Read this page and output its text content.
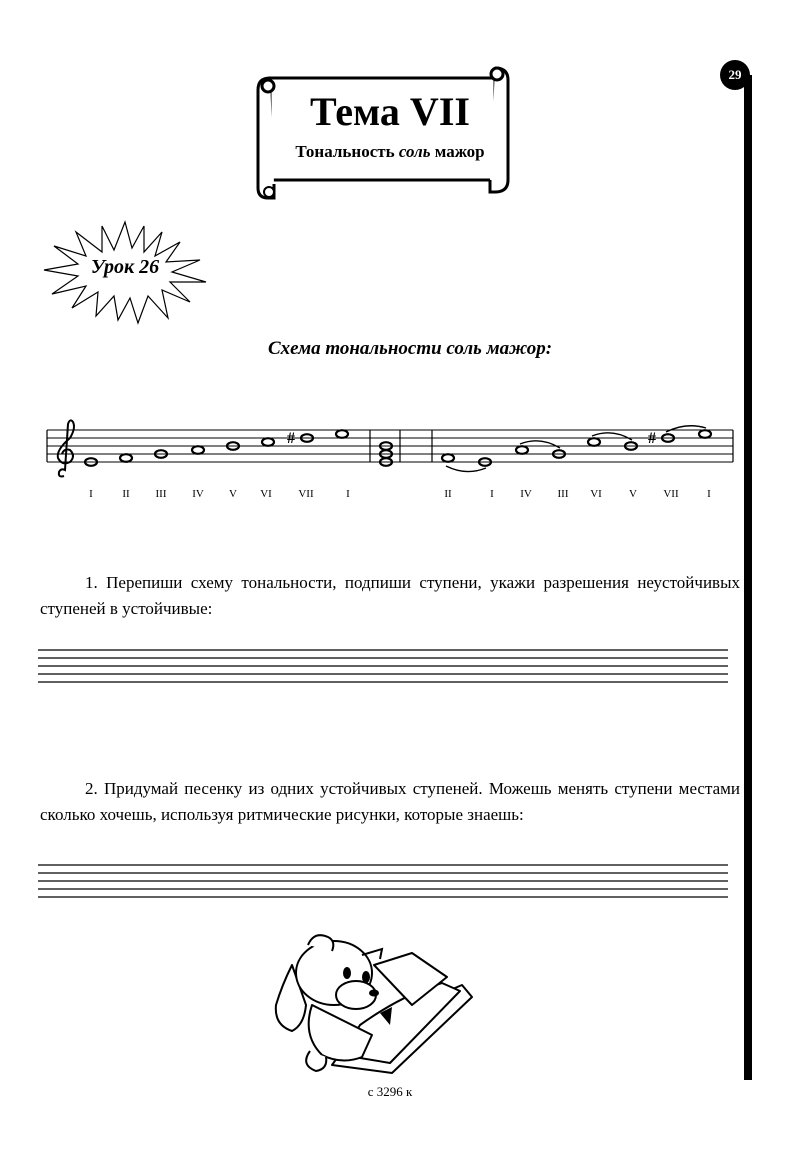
Тема VII
Тональность соль мажор
29
Урок 26
Схема тональности соль мажор:
#	#
I	II III IV V VI VII	I	II	I IV III VI V VII	I

1. Перепиши схему тональности, подпиши ступени, укажи разрешения неустойчивых ступеней в устойчивые:

2. Придумай песенку из одних устойчивых ступеней. Можешь менять ступени местами сколько хочешь, используя ритмические рисунки, которые знаешь:

с 3296 к
